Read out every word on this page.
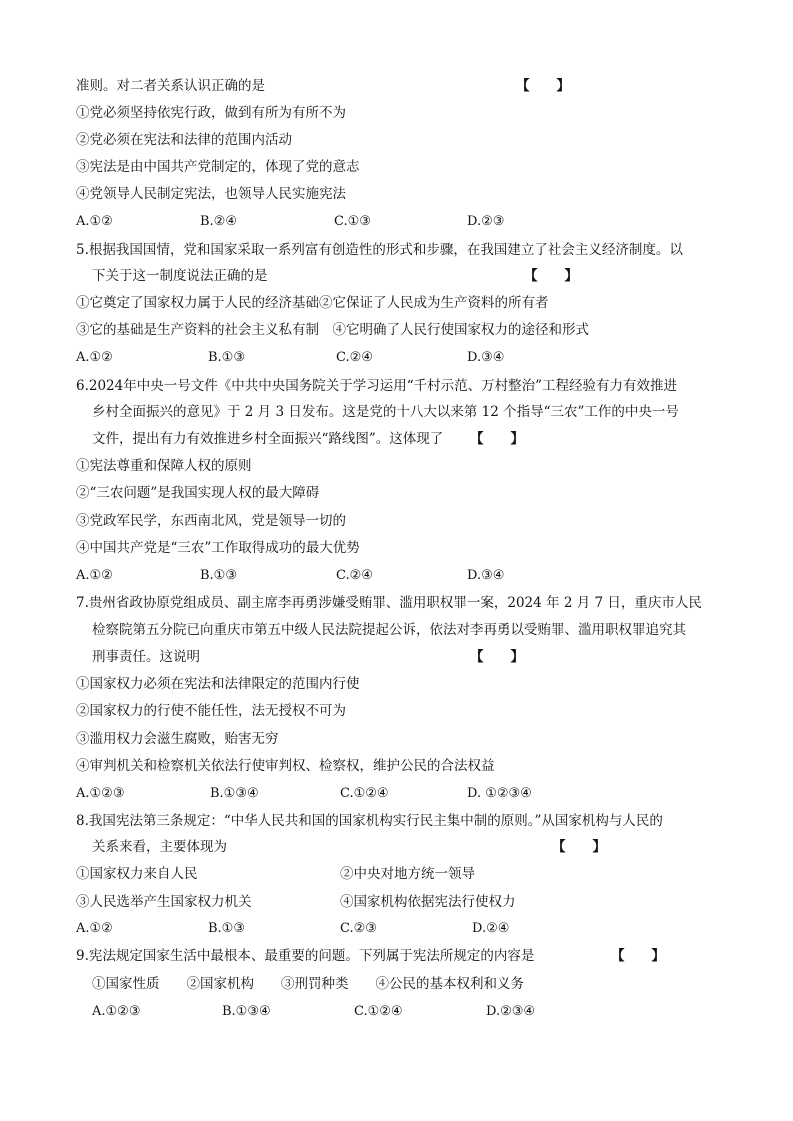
准则。对二者关系认识正确的是	【　　】
①党必须坚持依宪行政，做到有所为有所不为
②党必须在宪法和法律的范围内活动
③宪法是由中国共产党制定的，体现了党的意志
④党领导人民制定宪法，也领导人民实施宪法
A.①②	B.②④	C.①③	D.②③
5.根据我国国情，党和国家采取一系列富有创造性的形式和步骤，在我国建立了社会主义经济制度。以
下关于这一制度说法正确的是	【　　】
①它奠定了国家权力属于人民的经济基础②它保证了人民成为生产资料的所有者
③它的基础是生产资料的社会主义私有制　④它明确了人民行使国家权力的途径和形式
A.①②	B.①③	C.②④	D.③④
6.2024年中央一号文件《中共中央国务院关于学习运用“千村示范、万村整治”工程经验有力有效推进
乡村全面振兴的意见》于 2 月 3 日发布。这是党的十八大以来第 12 个指导“三农”工作的中央一号
文件，提出有力有效推进乡村全面振兴“路线图”。这体现了 【　　】
①宪法尊重和保障人权的原则
②“三农问题”是我国实现人权的最大障碍
③党政军民学，东西南北风，党是领导一切的
④中国共产党是“三农”工作取得成功的最大优势
A.①②	B.①③	C.②④	D.③④
7.贵州省政协原党组成员、副主席李再勇涉嫌受贿罪、滥用职权罪一案，2024 年 2 月 7 日，重庆市人民
检察院第五分院已向重庆市第五中级人民法院提起公诉，依法对李再勇以受贿罪、滥用职权罪追究其
刑事责任。这说明	【　　】
①国家权力必须在宪法和法律限定的范围内行使
②国家权力的行使不能任性，法无授权不可为
③滥用权力会滋生腐败，贻害无穷
④审判机关和检察机关依法行使审判权、检察权，维护公民的合法权益
A.①②③	B.①③④	C.①②④	D. ①②③④
8.我国宪法第三条规定：“中华人民共和国的国家机构实行民主集中制的原则。”从国家机构与人民的
关系来看，主要体现为	【　　】
①国家权力来自人民	②中央对地方统一领导
③人民选举产生国家权力机关	④国家机构依据宪法行使权力
A.①②	B.①③	C.②③	D.②④
9.宪法规定国家生活中最根本、最重要的问题。下列属于宪法所规定的内容是	【　　】
①国家性质　　②国家机构　　③刑罚种类　　④公民的基本权利和义务
A.①②③	B.①③④	C.①②④	D.②③④
